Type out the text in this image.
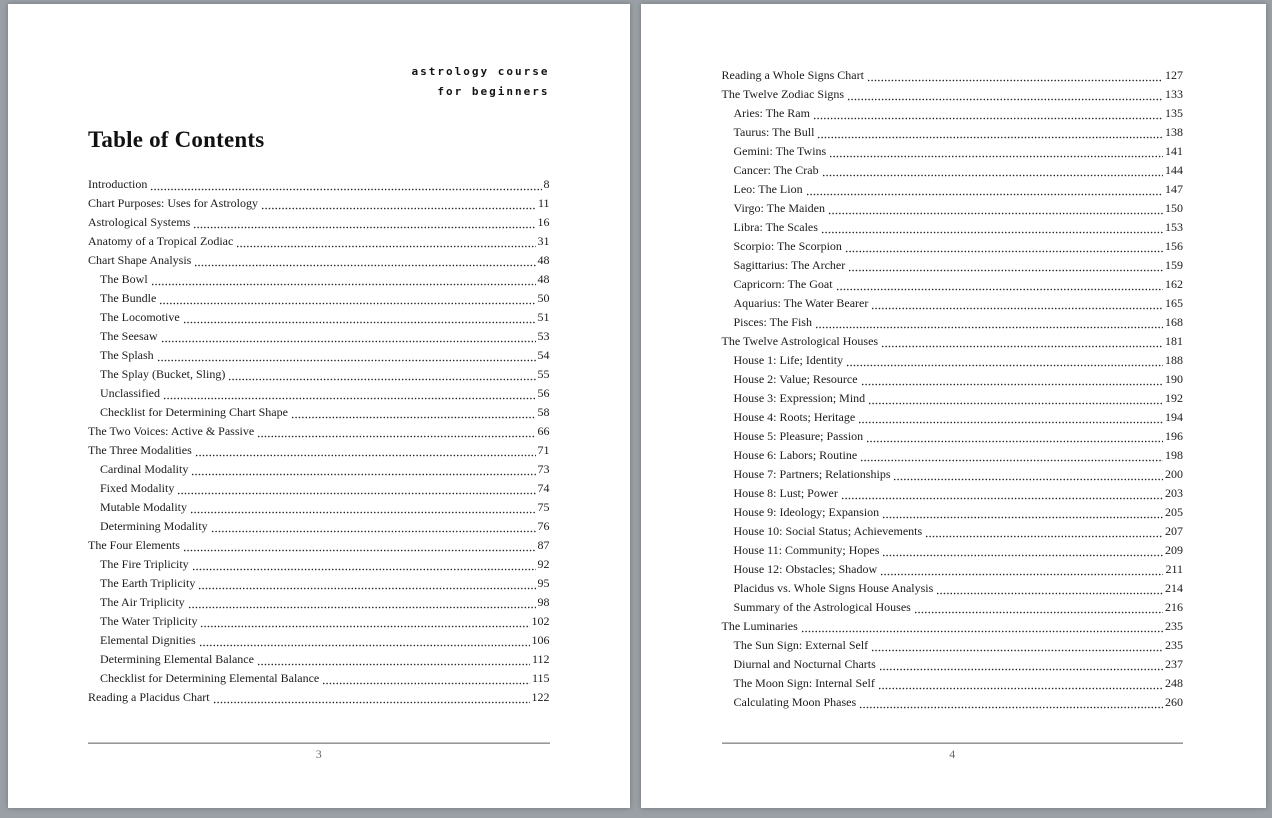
astrology course
for beginners
Table of Contents
Introduction	8
Chart Purposes: Uses for Astrology	11
Astrological Systems	16
Anatomy of a Tropical Zodiac	31
Chart Shape Analysis	48
The Bowl	48
The Bundle	50
The Locomotive	51
The Seesaw	53
The Splash	54
The Splay (Bucket, Sling)	55
Unclassified	56
Checklist for Determining Chart Shape	58
The Two Voices: Active & Passive	66
The Three Modalities	71
Cardinal Modality	73
Fixed Modality	74
Mutable Modality	75
Determining Modality	76
The Four Elements	87
The Fire Triplicity	92
The Earth Triplicity	95
The Air Triplicity	98
The Water Triplicity	102
Elemental Dignities	106
Determining Elemental Balance	112
Checklist for Determining Elemental Balance	115
Reading a Placidus Chart	122
3
Reading a Whole Signs Chart	127
The Twelve Zodiac Signs	133
Aries: The Ram	135
Taurus: The Bull	138
Gemini: The Twins	141
Cancer: The Crab	144
Leo: The Lion	147
Virgo: The Maiden	150
Libra: The Scales	153
Scorpio: The Scorpion	156
Sagittarius: The Archer	159
Capricorn: The Goat	162
Aquarius: The Water Bearer	165
Pisces: The Fish	168
The Twelve Astrological Houses	181
House 1: Life; Identity	188
House 2: Value; Resource	190
House 3: Expression; Mind	192
House 4: Roots; Heritage	194
House 5: Pleasure; Passion	196
House 6: Labors; Routine	198
House 7: Partners; Relationships	200
House 8: Lust; Power	203
House 9: Ideology; Expansion	205
House 10: Social Status; Achievements	207
House 11: Community; Hopes	209
House 12: Obstacles; Shadow	211
Placidus vs. Whole Signs House Analysis	214
Summary of the Astrological Houses	216
The Luminaries	235
The Sun Sign: External Self	235
Diurnal and Nocturnal Charts	237
The Moon Sign: Internal Self	248
Calculating Moon Phases	260
4
